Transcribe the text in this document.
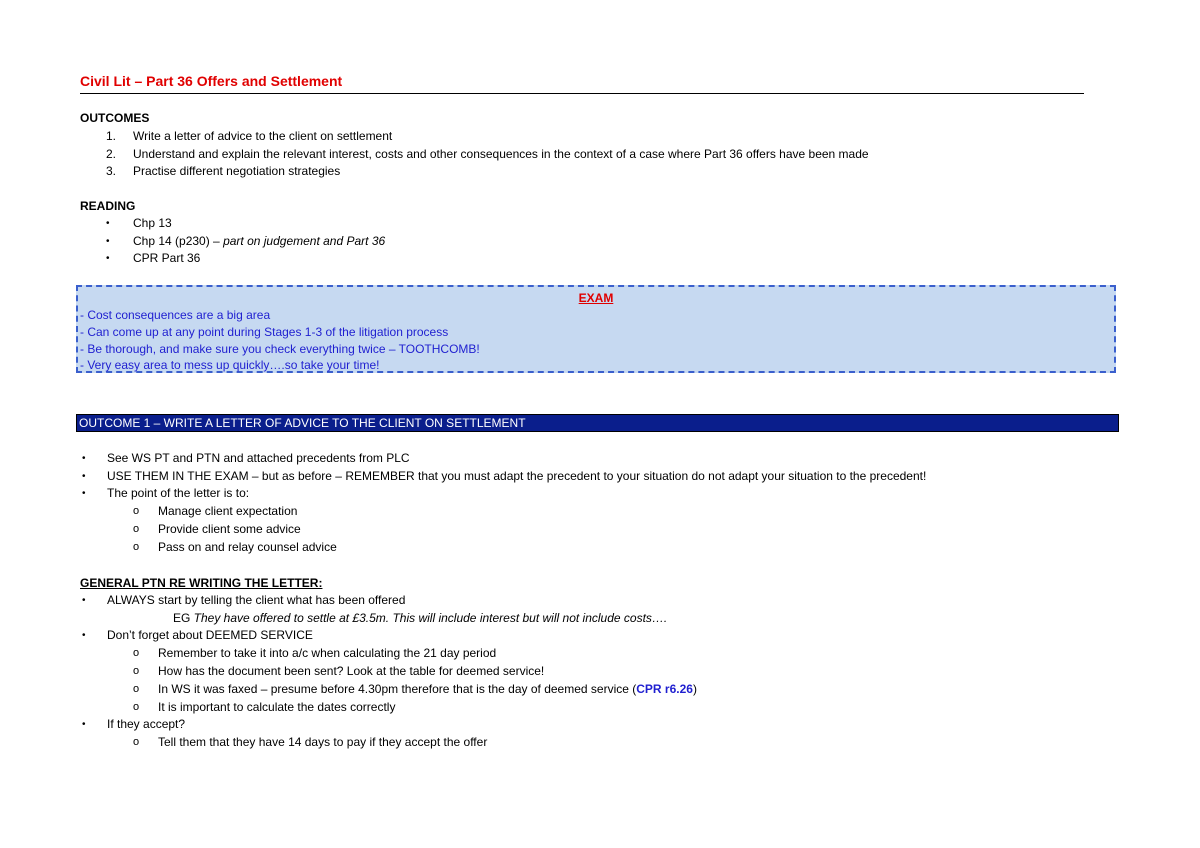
Civil Lit – Part 36 Offers and Settlement
OUTCOMES
1. Write a letter of advice to the client on settlement
2. Understand and explain the relevant interest, costs and other consequences in the context of a case where Part 36 offers have been made
3. Practise different negotiation strategies
READING
• Chp 13
• Chp 14 (p230) – part on judgement and Part 36
• CPR Part 36
EXAM
- Cost consequences are a big area
- Can come up at any point during Stages 1-3 of the litigation process
- Be thorough, and make sure you check everything twice – TOOTHCOMB!
- Very easy area to mess up quickly….so take your time!
OUTCOME 1 – WRITE A LETTER OF ADVICE TO THE CLIENT ON SETTLEMENT
• See WS PT and PTN and attached precedents from PLC
• USE THEM IN THE EXAM – but as before – REMEMBER that you must adapt the precedent to your situation do not adapt your situation to the precedent!
• The point of the letter is to:
o Manage client expectation
o Provide client some advice
o Pass on and relay counsel advice
GENERAL PTN RE WRITING THE LETTER:
• ALWAYS start by telling the client what has been offered
EG They have offered to settle at £3.5m. This will include interest but will not include costs….
• Don’t forget about DEEMED SERVICE
o Remember to take it into a/c when calculating the 21 day period
o How has the document been sent? Look at the table for deemed service!
o In WS it was faxed – presume before 4.30pm therefore that is the day of deemed service (CPR r6.26)
o It is important to calculate the dates correctly
• If they accept?
o Tell them that they have 14 days to pay if they accept the offer
